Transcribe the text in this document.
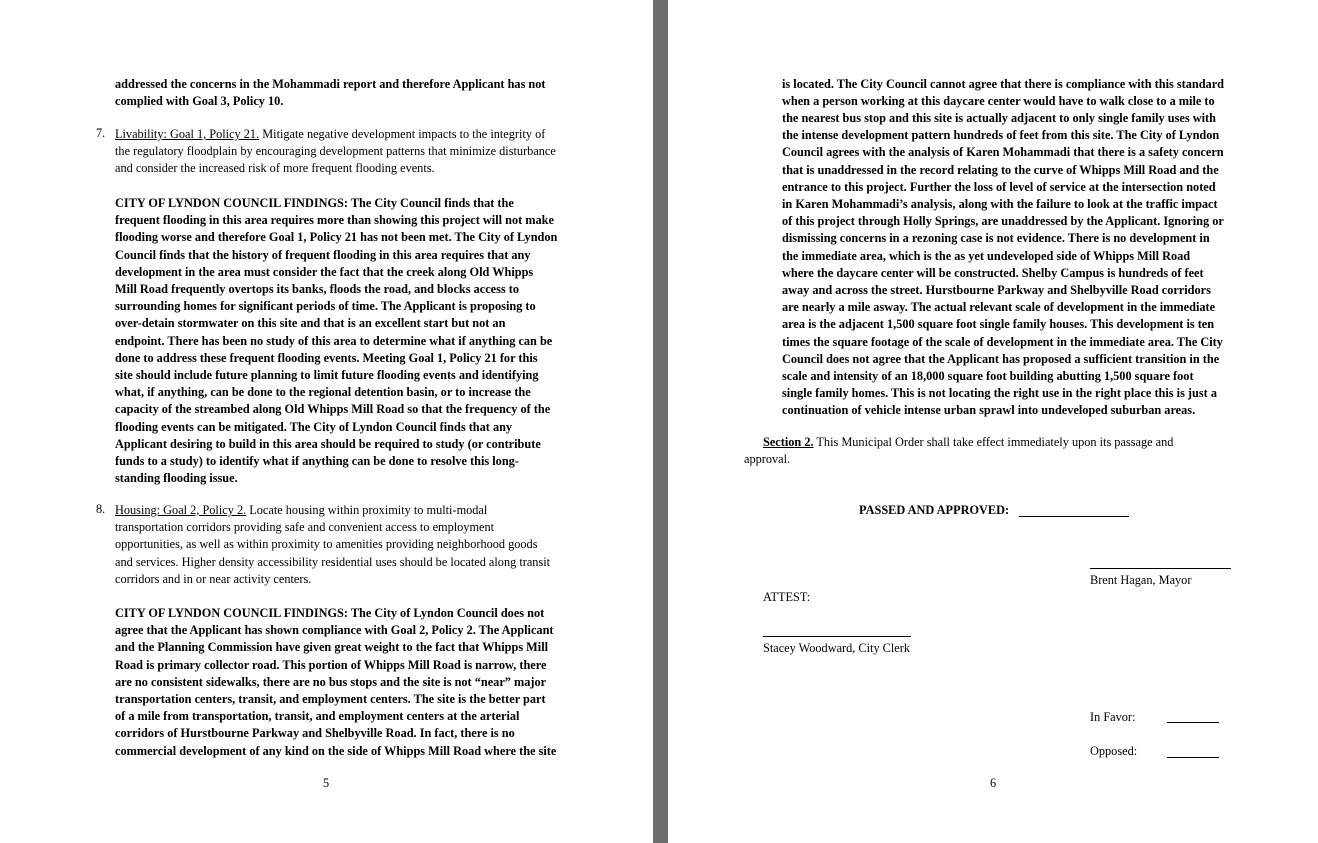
addressed the concerns in the Mohammadi report and therefore Applicant has not
complied with Goal 3, Policy 10.
7. Livability: Goal 1, Policy 21. Mitigate negative development impacts to the integrity of
the regulatory floodplain by encouraging development patterns that minimize disturbance
and consider the increased risk of more frequent flooding events.
CITY OF LYNDON COUNCIL FINDINGS: The City Council finds that the
frequent flooding in this area requires more than showing this project will not make
flooding worse and therefore Goal 1, Policy 21 has not been met. The City of Lyndon
Council finds that the history of frequent flooding in this area requires that any
development in the area must consider the fact that the creek along Old Whipps
Mill Road frequently overtops its banks, floods the road, and blocks access to
surrounding homes for significant periods of time. The Applicant is proposing to
over-detain stormwater on this site and that is an excellent start but not an
endpoint. There has been no study of this area to determine what if anything can be
done to address these frequent flooding events. Meeting Goal 1, Policy 21 for this
site should include future planning to limit future flooding events and identifying
what, if anything, can be done to the regional detention basin, or to increase the
capacity of the streambed along Old Whipps Mill Road so that the frequency of the
flooding events can be mitigated. The City of Lyndon Council finds that any
Applicant desiring to build in this area should be required to study (or contribute
funds to a study) to identify what if anything can be done to resolve this long-
standing flooding issue.
8. Housing: Goal 2, Policy 2. Locate housing within proximity to multi-modal
transportation corridors providing safe and convenient access to employment
opportunities, as well as within proximity to amenities providing neighborhood goods
and services. Higher density accessibility residential uses should be located along transit
corridors and in or near activity centers.
CITY OF LYNDON COUNCIL FINDINGS: The City of Lyndon Council does not
agree that the Applicant has shown compliance with Goal 2, Policy 2. The Applicant
and the Planning Commission have given great weight to the fact that Whipps Mill
Road is primary collector road. This portion of Whipps Mill Road is narrow, there
are no consistent sidewalks, there are no bus stops and the site is not “near” major
transportation centers, transit, and employment centers. The site is the better part
of a mile from transportation, transit, and employment centers at the arterial
corridors of Hurstbourne Parkway and Shelbyville Road. In fact, there is no
commercial development of any kind on the side of Whipps Mill Road where the site
5
is located. The City Council cannot agree that there is compliance with this standard
when a person working at this daycare center would have to walk close to a mile to
the nearest bus stop and this site is actually adjacent to only single family uses with
the intense development pattern hundreds of feet from this site. The City of Lyndon
Council agrees with the analysis of Karen Mohammadi that there is a safety concern
that is unaddressed in the record relating to the curve of Whipps Mill Road and the
entrance to this project. Further the loss of level of service at the intersection noted
in Karen Mohammadi’s analysis, along with the failure to look at the traffic impact
of this project through Holly Springs, are unaddressed by the Applicant. Ignoring or
dismissing concerns in a rezoning case is not evidence. There is no development in
the immediate area, which is the as yet undeveloped side of Whipps Mill Road
where the daycare center will be constructed. Shelby Campus is hundreds of feet
away and across the street. Hurstbourne Parkway and Shelbyville Road corridors
are nearly a mile asway. The actual relevant scale of development in the immediate
area is the adjacent 1,500 square foot single family houses. This development is ten
times the square footage of the scale of development in the immediate area. The City
Council does not agree that the Applicant has proposed a sufficient transition in the
scale and intensity of an 18,000 square foot building abutting 1,500 square foot
single family homes. This is not locating the right use in the right place this is just a
continuation of vehicle intense urban sprawl into undeveloped suburban areas.
Section 2. This Municipal Order shall take effect immediately upon its passage and
approval.
PASSED AND APPROVED:
Brent Hagan, Mayor
ATTEST:
Stacey Woodward, City Clerk
In Favor:
Opposed:
6
